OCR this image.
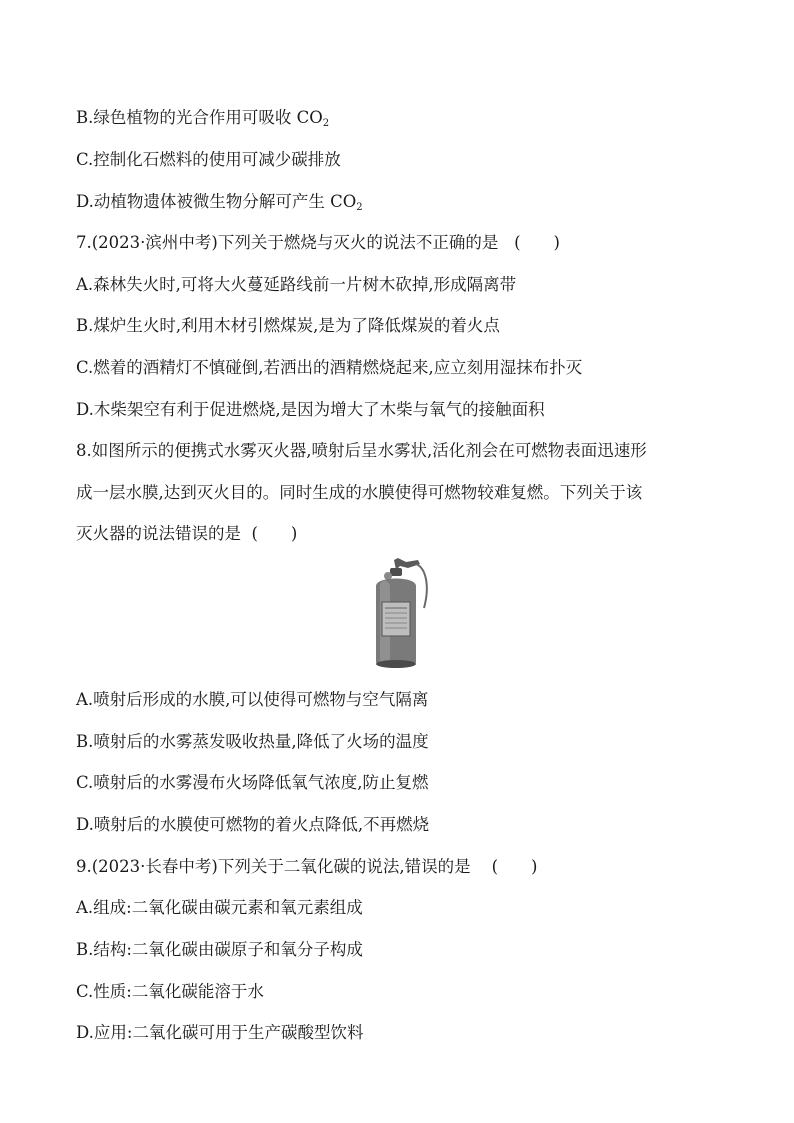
B.绿色植物的光合作用可吸收 $CO_2$
C.控制化石燃料的使用可减少碳排放
D.动植物遗体被微生物分解可产生 $CO_2$
7.(2023·滨州中考)下列关于燃烧与灭火的说法不正确的是 (　　)
A.森林失火时,可将大火蔓延路线前一片树木砍掉,形成隔离带
B.煤炉生火时,利用木材引燃煤炭,是为了降低煤炭的着火点
C.燃着的酒精灯不慎碰倒,若洒出的酒精燃烧起来,应立刻用湿抹布扑灭
D.木柴架空有利于促进燃烧,是因为增大了木柴与氧气的接触面积
8.如图所示的便携式水雾灭火器,喷射后呈水雾状,活化剂会在可燃物表面迅速形
成一层水膜,达到灭火目的。同时生成的水膜使得可燃物较难复燃。下列关于该
灭火器的说法错误的是 (　　)
A.喷射后形成的水膜,可以使得可燃物与空气隔离
B.喷射后的水雾蒸发吸收热量,降低了火场的温度
C.喷射后的水雾漫布火场降低氧气浓度,防止复燃
D.喷射后的水膜使可燃物的着火点降低,不再燃烧
9.(2023·长春中考)下列关于二氧化碳的说法,错误的是 (　　)
A.组成:二氧化碳由碳元素和氧元素组成
B.结构:二氧化碳由碳原子和氧分子构成
C.性质:二氧化碳能溶于水
D.应用:二氧化碳可用于生产碳酸型饮料
